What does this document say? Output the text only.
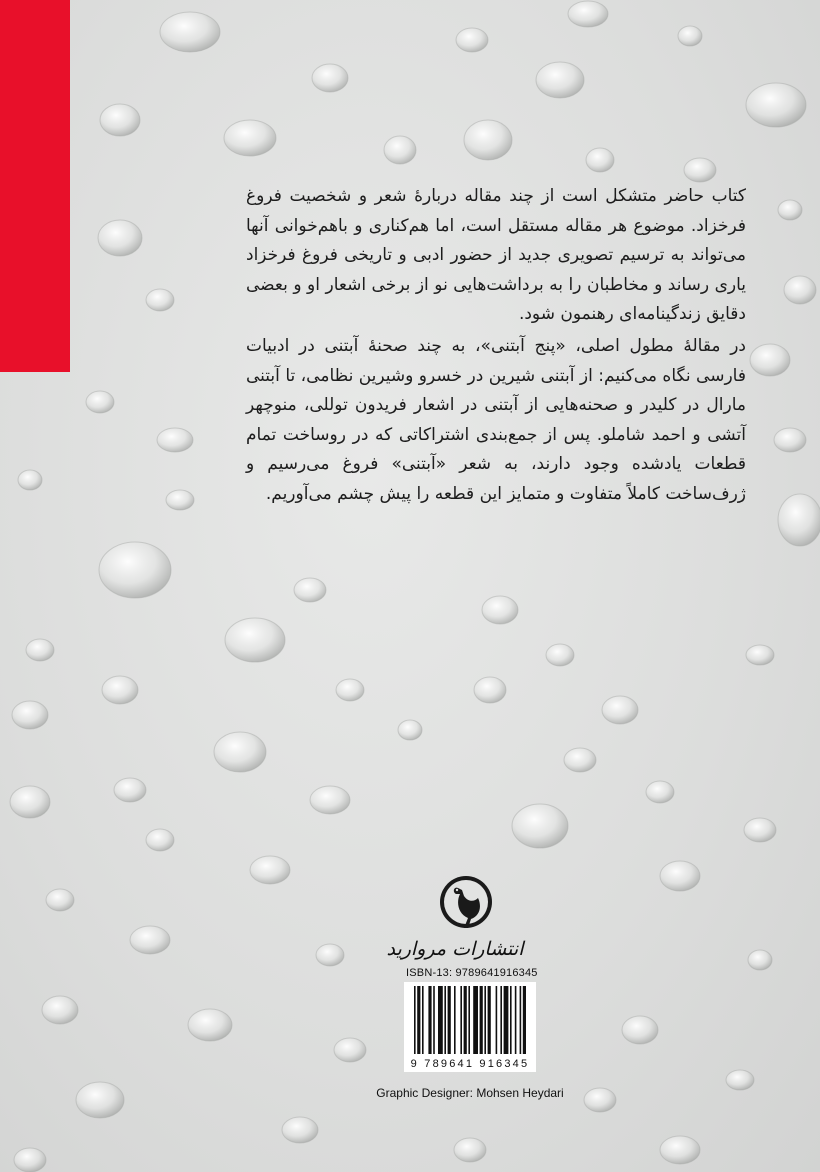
کتاب حاضر متشکل است از چند مقاله دربارهٔ شعر و شخصیت فروغ فرخزاد. موضوع هر مقاله مستقل است، اما هم‌کناری و باهم‌خوانی آنها می‌تواند به ترسیم تصویری جدید از حضور ادبی و تاریخی فروغ فرخزاد یاری رساند و مخاطبان را به برداشت‌هایی نو از برخی اشعار او و بعضی دقایق زندگینامه‌ای رهنمون شود.

در مقالهٔ مطول اصلی، «پنج آبتنی»، به چند صحنهٔ آبتنی در ادبیات فارسی نگاه می‌کنیم: از آبتنی شیرین در خسرو وشیرین نظامی، تا آبتنی مارال در کلیدر و صحنه‌هایی از آبتنی در اشعار فریدون توللی، منوچهر آتشی و احمد شاملو. پس از جمع‌بندی اشتراکاتی که در روساخت تمام قطعات یادشده وجود دارند، به شعر «آبتنی» فروغ می‌رسیم و ژرف‌ساخت کاملاً متفاوت و متمایز این قطعه را پیش چشم می‌آوریم.

انتشارات مروارید
ISBN-13: 9789641916345
9 789641 916345
Graphic Designer: Mohsen Heydari
